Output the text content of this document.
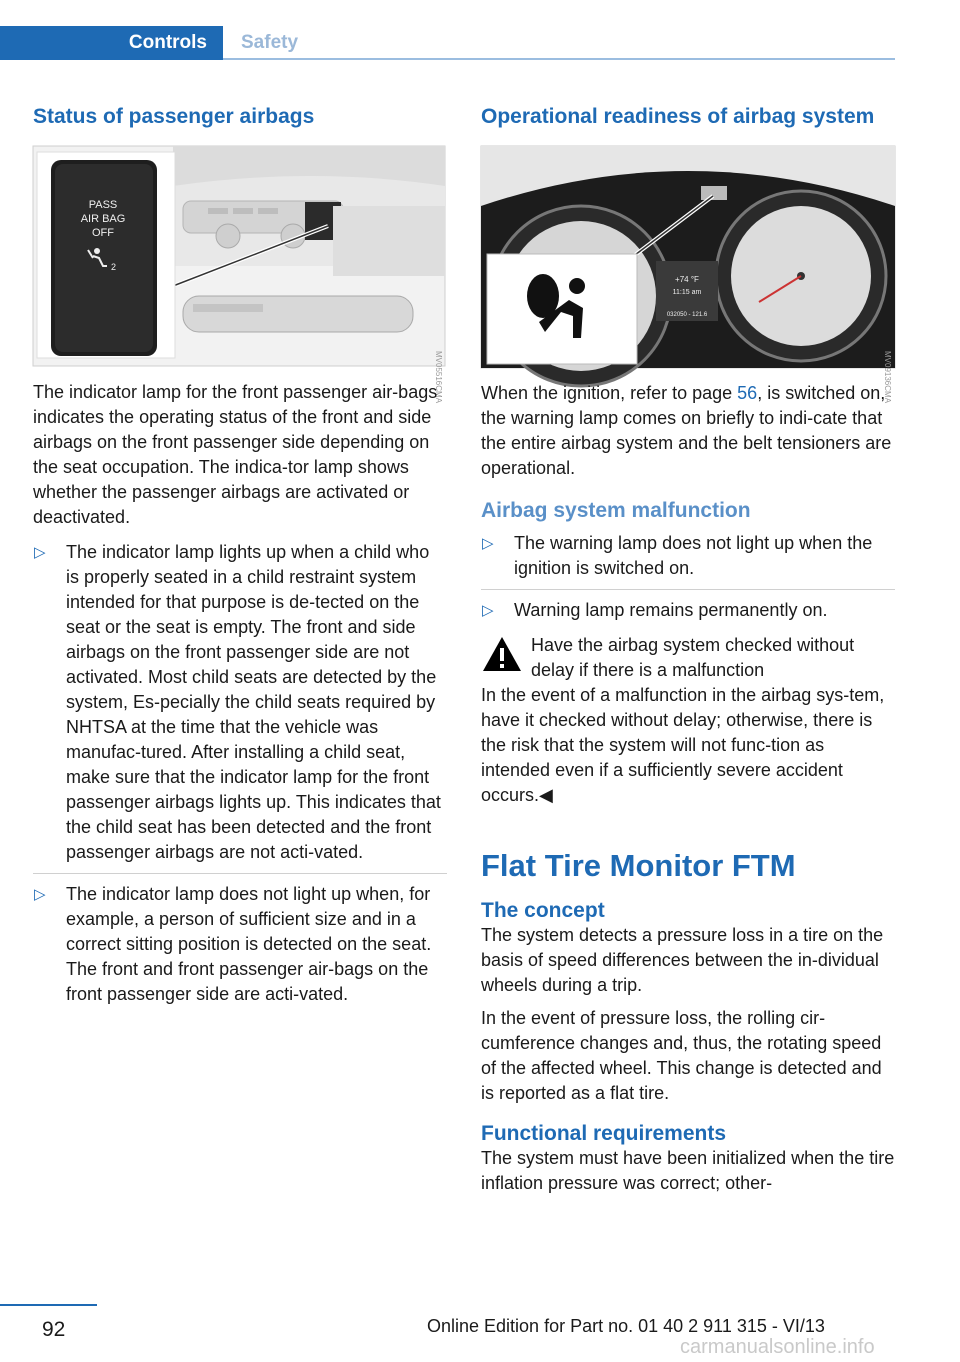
Controls	Safety
Status of passenger airbags
PASS
AIR BAG
OFF
2
MV05516CMA

The indicator lamp for the front passenger air-bags indicates the operating status of the front and side airbags on the front passenger side depending on the seat occupation. The indica-tor lamp shows whether the passenger airbags are activated or deactivated.

▷ The indicator lamp lights up when a child who is properly seated in a child restraint system intended for that purpose is de-tected on the seat or the seat is empty. The front and side airbags on the front passenger side are not activated. Most child seats are detected by the system, Es-pecially the child seats required by NHTSA at the time that the vehicle was manufac-tured. After installing a child seat, make sure that the indicator lamp for the front passenger airbags lights up. This indicates that the child seat has been detected and the front passenger airbags are not acti-vated.
▷ The indicator lamp does not light up when, for example, a person of sufficient size and in a correct sitting position is detected on the seat. The front and front passenger air-bags on the front passenger side are acti-vated.
Operational readiness of airbag system
+74 °F
11:15 am
032050 - 121.6
MV09136CMA

When the ignition, refer to page 56, is switched on, the warning lamp comes on briefly to indi-cate that the entire airbag system and the belt tensioners are operational.

Airbag system malfunction
▷ The warning lamp does not light up when the ignition is switched on.
▷ Warning lamp remains permanently on.

Have the airbag system checked without delay if there is a malfunction

In the event of a malfunction in the airbag sys-tem, have it checked without delay; otherwise, there is the risk that the system will not func-tion as intended even if a sufficiently severe accident occurs.◀

Flat Tire Monitor FTM
The concept

The system detects a pressure loss in a tire on the basis of speed differences between the in-dividual wheels during a trip.

In the event of pressure loss, the rolling cir-cumference changes and, thus, the rotating speed of the affected wheel. This change is detected and is reported as a flat tire.

Functional requirements

The system must have been initialized when the tire inflation pressure was correct; other-

92	Online Edition for Part no. 01 40 2 911 315 - VI/13
carmanualsonline.info
